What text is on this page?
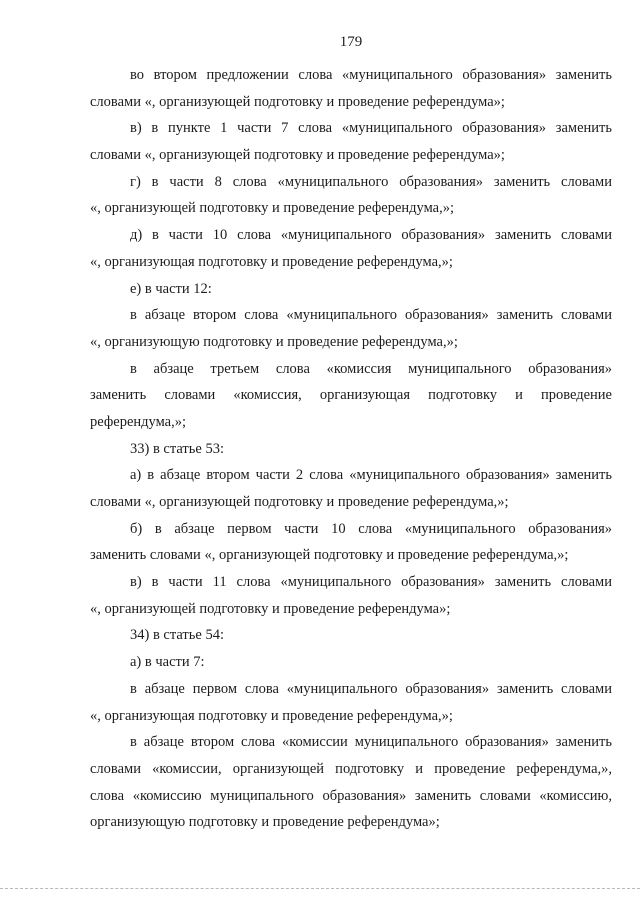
179
во втором предложении слова «муниципального образования» заменить
словами «, организующей подготовку и проведение референдума»;
в) в пункте 1 части 7 слова «муниципального образования» заменить
словами «, организующей подготовку и проведение референдума»;
г) в части 8 слова «муниципального образования» заменить словами
«, организующей подготовку и проведение референдума,»;
д) в части 10 слова «муниципального образования» заменить словами
«, организующая подготовку и проведение референдума,»;
е) в части 12:
в абзаце втором слова «муниципального образования» заменить словами
«, организующую подготовку и проведение референдума,»;
в абзаце третьем слова «комиссия муниципального образования»
заменить словами «комиссия, организующая подготовку и проведение
референдума,»;
33) в статье 53:
а) в абзаце втором части 2 слова «муниципального образования» заменить
словами «, организующей подготовку и проведение референдума,»;
б) в абзаце первом части 10 слова «муниципального образования»
заменить словами «, организующей подготовку и проведение референдума,»;
в) в части 11 слова «муниципального образования» заменить словами
«, организующей подготовку и проведение референдума»;
34) в статье 54:
а) в части 7:
в абзаце первом слова «муниципального образования» заменить словами
«, организующая подготовку и проведение референдума,»;
в абзаце втором слова «комиссии муниципального образования» заменить
словами «комиссии, организующей подготовку и проведение референдума,»,
слова «комиссию муниципального образования» заменить словами «комиссию,
организующую подготовку и проведение референдума»;
